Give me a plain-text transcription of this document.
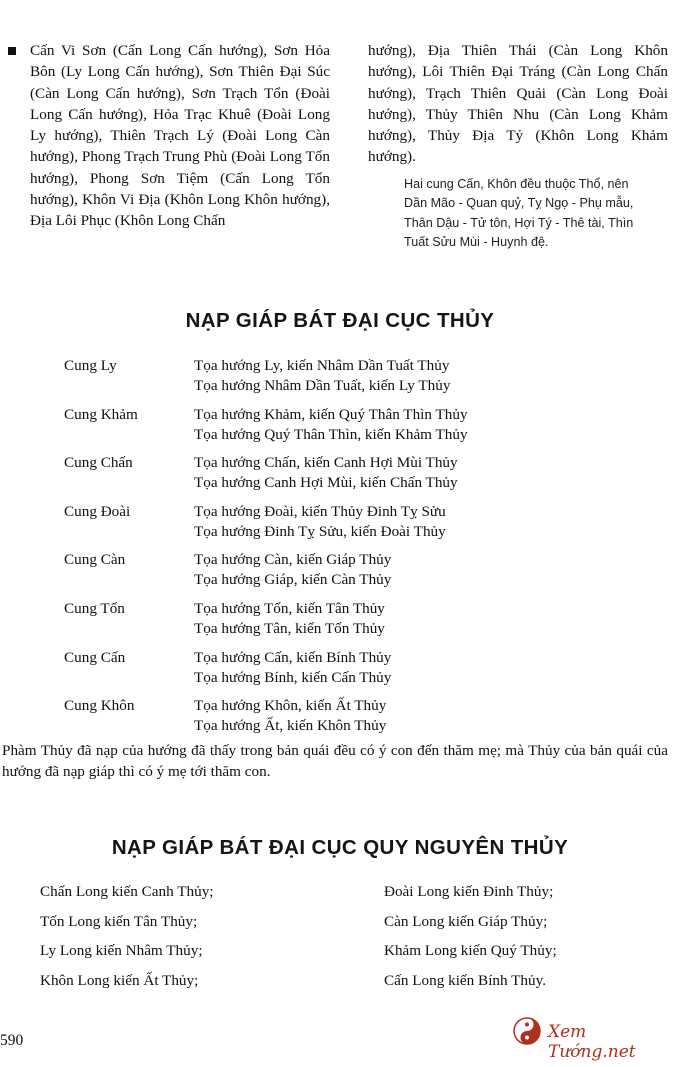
Cấn Vi Sơn (Cấn Long Cấn hướng), Sơn Hỏa Bôn (Ly Long Cấn hướng), Sơn Thiên Đại Súc (Càn Long Cấn hướng), Sơn Trạch Tổn (Đoài Long Cấn hướng), Hỏa Trạc Khuê (Đoài Long Ly hướng), Thiên Trạch Lý (Đoài Long Càn hướng), Phong Trạch Trung Phù (Đoài Long Tốn hướng), Phong Sơn Tiệm (Cấn Long Tốn hướng), Khôn Vi Địa (Khôn Long Khôn hướng), Địa Lôi Phục (Khôn Long Chấn

hướng), Địa Thiên Thái (Càn Long Khôn hướng), Lôi Thiên Đại Tráng (Càn Long Chấn hướng), Trạch Thiên Quải (Càn Long Đoài hướng), Thủy Thiên Nhu (Càn Long Khảm hướng), Thủy Địa Tỷ (Khôn Long Khảm hướng).

Hai cung Cấn, Khôn đều thuộc Thổ, nên
Dần Mão - Quan quỷ, Tỵ Ngọ - Phụ mẫu,
Thân Dậu - Tử tôn, Hợi Tý - Thê tài, Thìn
Tuất Sửu Mùi - Huynh đệ.
NẠP GIÁP BÁT ĐẠI CỤC THỦY
Cung Ly	Tọa hướng Ly, kiến Nhâm Dần Tuất Thủy
Tọa hướng Nhâm Dần Tuất, kiến Ly Thủy
Cung Khảm	Tọa hướng Khảm, kiến Quý Thân Thìn Thủy
Tọa hướng Quý Thân Thìn, kiến Khảm Thủy
Cung Chấn	Tọa hướng Chấn, kiến Canh Hợi Mùi Thủy
Tọa hướng Canh Hợi Mùi, kiến Chấn Thủy
Cung Đoài	Tọa hướng Đoài, kiến Thủy Đinh Tỵ Sửu
Tọa hướng Đinh Tỵ Sửu, kiến Đoài Thủy
Cung Càn	Tọa hướng Càn, kiến Giáp Thủy
Tọa hướng Giáp, kiến Càn Thủy
Cung Tốn	Tọa hướng Tốn, kiến Tân Thủy
Tọa hướng Tân, kiến Tốn Thủy
Cung Cấn	Tọa hướng Cấn, kiến Bính Thủy
Tọa hướng Bính, kiến Cấn Thủy
Cung Khôn	Tọa hướng Khôn, kiến Ất Thủy
Tọa hướng Ất, kiến Khôn Thủy

Phàm Thủy đã nạp của hướng đã thấy trong bản quái đều có ý con đến thăm mẹ; mà Thủy của bản quái của hướng đã nạp giáp thì có ý mẹ tới thăm con.

NẠP GIÁP BÁT ĐẠI CỤC QUY NGUYÊN THỦY
Chấn Long kiến Canh Thủy;
Tốn Long kiến Tân Thủy;
Ly Long kiến Nhâm Thủy;
Khôn Long kiến Ất Thủy;
Đoài Long kiến Đinh Thủy;
Càn Long kiến Giáp Thủy;
Khảm Long kiến Quý Thủy;
Cấn Long kiến Bính Thủy.
590	Xem Tướng.net
